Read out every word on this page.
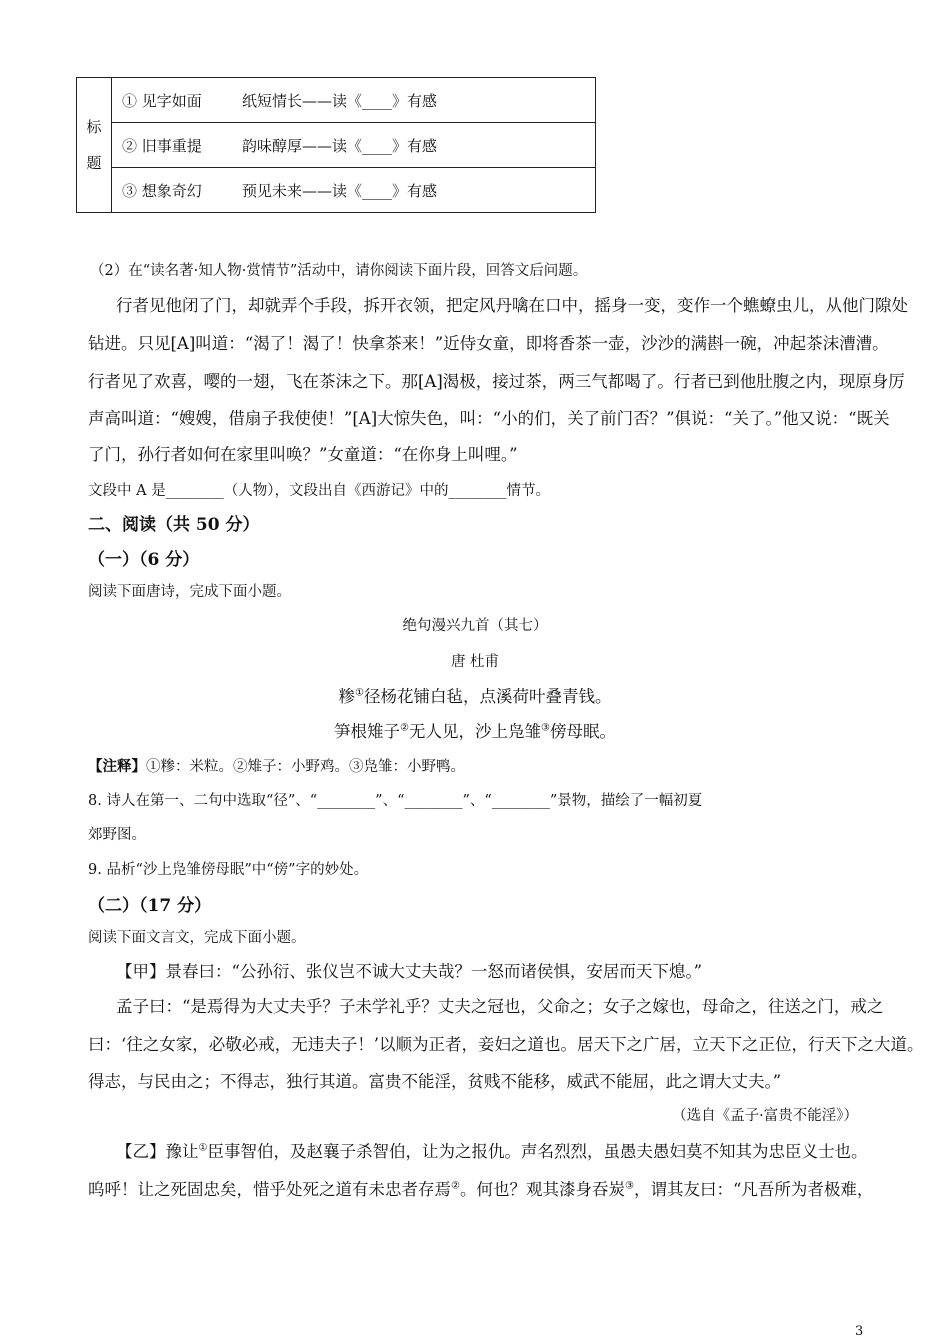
标
题
	① 见字如面	纸短情长——读《____》有感
② 旧事重提	韵味醇厚——读《____》有感
③ 想象奇幻	预见未来——读《____》有感
（2）在“读名著·知人物·赏情节”活动中，请你阅读下面片段，回答文后问题。
行者见他闭了门，却就弄个手段，拆开衣领，把定风丹噙在口中，摇身一变，变作一个蟭蟟虫儿，从他门隙处
钻进。只见[A]叫道：“渴了！渴了！快拿茶来！”近侍女童，即将香茶一壶，沙沙的满斟一碗，冲起茶沫漕漕。
行者见了欢喜，嘤的一翅，飞在茶沫之下。那[A]渴极，接过茶，两三气都喝了。行者已到他肚腹之内，现原身厉
声高叫道：“嫂嫂，借扇子我使使！”[A]大惊失色，叫：“小的们，关了前门否？”俱说：“关了。”他又说：“既关
了门，孙行者如何在家里叫唤？”女童道：“在你身上叫哩。”
文段中 A 是________（人物），文段出自《西游记》中的________情节。
二、阅读（共 50 分）
（一）（6 分）
阅读下面唐诗，完成下面小题。
绝句漫兴九首（其七）
唐 杜甫
糁①径杨花铺白毡，点溪荷叶叠青钱。
笋根雉子②无人见，沙上凫雏③傍母眠。
【注释】①糁：米粒。②雉子：小野鸡。③凫雏：小野鸭。
8. 诗人在第一、二句中选取“径”、“________”、“________”、“________”景物，描绘了一幅初夏
郊野图。
9. 品析“沙上凫雏傍母眠”中“傍”字的妙处。
（二）（17 分）
阅读下面文言文，完成下面小题。
【甲】景春曰：“公孙衍、张仪岂不诚大丈夫哉？一怒而诸侯惧，安居而天下熄。”
孟子曰：“是焉得为大丈夫乎？子未学礼乎？丈夫之冠也，父命之；女子之嫁也，母命之，往送之门，戒之
曰：‘往之女家，必敬必戒，无违夫子！’以顺为正者，妾妇之道也。居天下之广居，立天下之正位，行天下之大道。
得志，与民由之；不得志，独行其道。富贵不能淫，贫贱不能移，威武不能屈，此之谓大丈夫。”
（选自《孟子·富贵不能淫》）
【乙】豫让①臣事智伯，及赵襄子杀智伯，让为之报仇。声名烈烈，虽愚夫愚妇莫不知其为忠臣义士也。
呜呼！让之死固忠矣，惜乎处死之道有未忠者存焉②。何也？观其漆身吞炭③，谓其友曰：“凡吾所为者极难，
3
